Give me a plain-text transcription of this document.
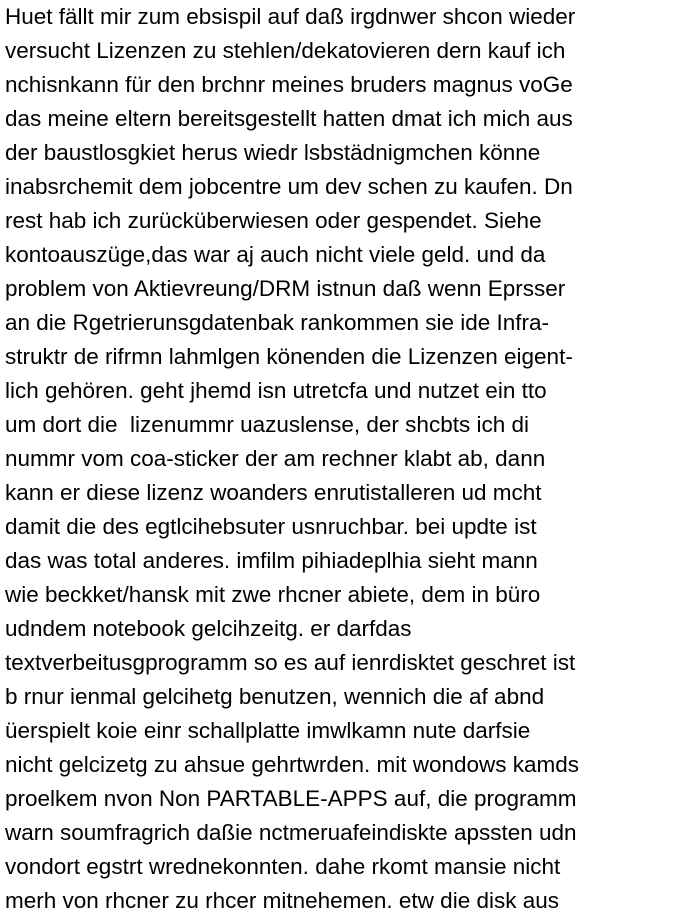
Huet fällt mir zum ebsispil auf daß irgdnwer shcon wieder
versucht Lizenzen zu stehlen/dekatovieren dern kauf ich
nchisnkann für den brchnr meines bruders magnus voGe
das meine eltern bereitsgestellt hatten dmat ich mich aus
der baustlosgkiet herus wiedr lsbstädnigmchen könne
inabsrchemit dem jobcentre um dev schen zu kaufen. Dn
rest hab ich zurücküberwiesen oder gespendet. Siehe
kontoauszüge,das war aj auch nicht viele geld. und da
problem von Aktievreung/DRM istnun daß wenn Eprsser
an die Rgetrierunsgdatenbak rankommen sie ide Infra-
struktr de rifrmn lahmlgen könenden die Lizenzen eigent-
lich gehören. geht jhemd isn utretcfa und nutzet ein tto
um dort die  lizenummr uazuslense, der shcbts ich di
nummr vom coa-sticker der am rechner klabt ab, dann
kann er diese lizenz woanders enrutistalleren ud mcht
damit die des egtlcihebsuter usnruchbar. bei updte ist
das was total anderes. imfilm pihiadeplhia sieht mann
wie beckket/hansk mit zwe rhcner abiete, dem in büro
udndem notebook gelcihzeitg. er darfdas
textverbeitusgprogramm so es auf ienrdisktet geschret ist
b rnur ienmal gelcihetg benutzen, wennich die af abnd
üerspielt koie einr schallplatte imwlkamn nute darfsie
nicht gelcizetg zu ahsue gehrtwrden. mit wondows kamds
proelkem nvon Non PARTABLE-APPS auf, die programm
warn soumfragrich daßie nctmeruafeindiskte apssten udn
vondort egstrt wrednekonnten. dahe rkomt mansie nicht
merh von rhcner zu rhcer mitnehemen. etw die disk aus
